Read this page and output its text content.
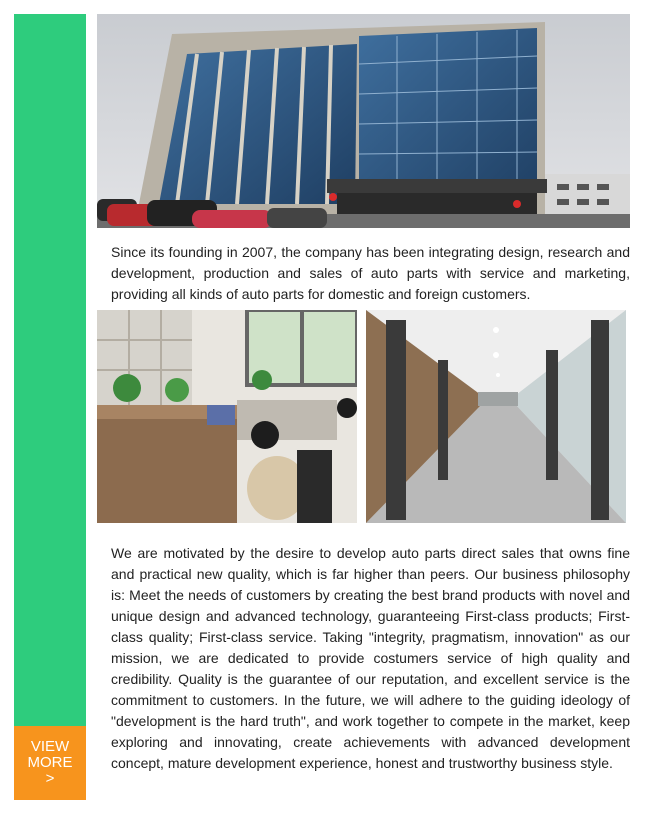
VIEW
MORE
>
Since its founding in 2007, the company has been integrating design, research and development, production and sales of auto parts with service and marketing, providing all kinds of auto parts for domestic and foreign customers.
We are motivated by the desire to develop auto parts direct sales that owns fine and practical new quality, which is far higher than peers. Our business philosophy is: Meet the needs of customers by creating the best brand products with novel and unique design and advanced technology, guaranteeing First-class products; First-class quality; First-class service. Taking "integrity, pragmatism, innovation" as our mission, we are dedicated to provide costumers service of high quality and credibility. Quality is the guarantee of our reputation, and excellent service is the commitment to customers. In the future, we will adhere to the guiding ideology of "development is the hard truth", and work together to compete in the market, keep exploring and innovating, create achievements with advanced development concept, mature development experience, honest and trustworthy business style.
